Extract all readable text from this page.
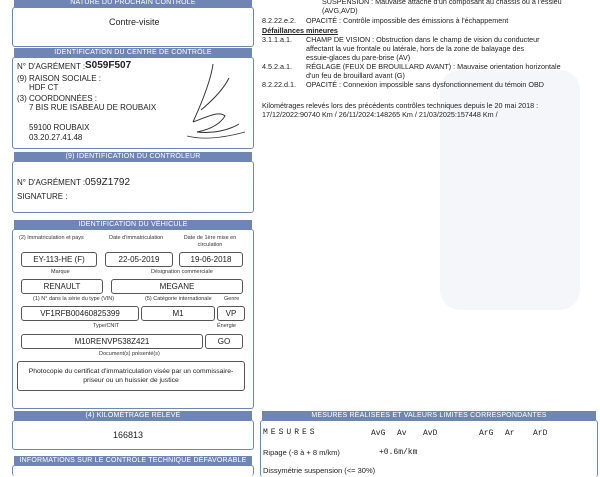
NATURE DU PROCHAIN CONTRÔLE
Contre-visite
IDENTIFICATION DU CENTRE DE CONTRÔLE
N° D'AGRÉMENT : S059F507
(9) RAISON SOCIALE :
HDF CT
(3) COORDONNÉES :
7 BIS RUE ISABEAU DE ROUBAIX
59100 ROUBAIX
03.20.27.41.48
(9) IDENTIFICATION DU CONTRÔLEUR
N° D'AGRÉMENT : 059Z1792
SIGNATURE :
IDENTIFICATION DU VÉHICULE
(2) Immatriculation et pays	Date d'immatriculation	Date de 1ère mise en circulation
EY-113-HE (F)	22-05-2019	19-06-2018
Marque	Désignation commerciale
RENAULT	MEGANE
(1) N° dans la série du type (VIN)	(5) Catégorie internationale Genre
VF1RFB00460825399	M1	VP
Type/CNIT	Énergie
M10RENVP538Z421	GO
Document(s) présenté(s)
Photocopie du certificat d'immatriculation visée par un commissaire-priseur ou un huissier de justice
(4) KILOMÉTRAGE RELEVÉ
166813
INFORMATIONS SUR LE CONTRÔLE TECHNIQUE DÉFAVORABLE
SUSPENSION : Mauvaise attache d'un composant au châssis ou à l'essieu
(AVG,AVD)
8.2.22.e.2. OPACITÉ : Contrôle impossible des émissions à l'échappement
Défaillances mineures
3.1.1.a.1. CHAMP DE VISION : Obstruction dans le champ de vision du conducteur
affectant la vue frontale ou latérale, hors de la zone de balayage des
essuie-glaces du pare-brise (AV)
4.5.2.a.1. RÉGLAGE (FEUX DE BROUILLARD AVANT) : Mauvaise orientation horizontale
d'un feu de brouillard avant (G)
8.2.22.d.1. OPACITÉ : Connexion impossible sans dysfonctionnement du témoin OBD
Kilométrages relevés lors des précédents contrôles techniques depuis le 20 mai 2018 :
17/12/2022:90740 Km / 26/11/2024:148265 Km / 21/03/2025:157448 Km /
MESURES RÉALISÉES ET VALEURS LIMITES CORRESPONDANTES
MESURES	AvG Av AvD	ArG Ar ArD
Ripage (-8 à + 8 m/km)	+0.6m/km
Dissymétrie suspension (<= 30%)
